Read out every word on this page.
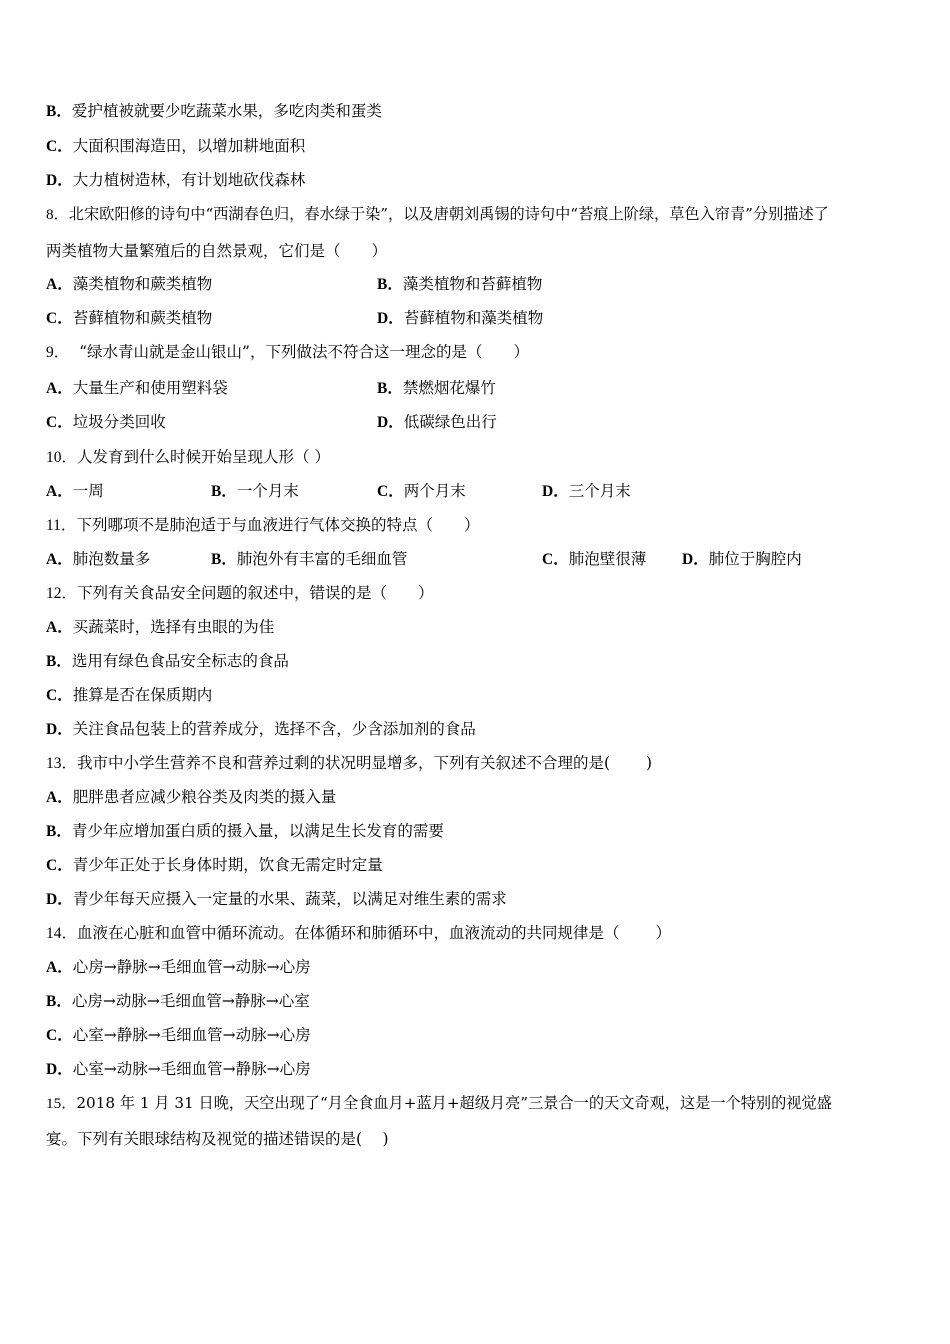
B．爱护植被就要少吃蔬菜水果，多吃肉类和蛋类
C．大面积围海造田，以增加耕地面积
D．大力植树造林，有计划地砍伐森林
8．北宋欧阳修的诗句中“西湖春色归，春水绿于染”，以及唐朝刘禹锡的诗句中“苔痕上阶绿，草色入帘青”分别描述了
两类植物大量繁殖后的自然景观，它们是（　　）
A．藻类植物和蕨类植物	B．藻类植物和苔藓植物
C．苔藓植物和蕨类植物	D．苔藓植物和藻类植物
9． “绿水青山就是金山银山”，下列做法不符合这一理念的是（　　）
A．大量生产和使用塑料袋	B．禁燃烟花爆竹
C．垃圾分类回收	D．低碳绿色出行
10．人发育到什么时候开始呈现人形（ ）
A．一周	B．一个月末	C．两个月末	D．三个月末
11．下列哪项不是肺泡适于与血液进行气体交换的特点（　　）
A．肺泡数量多	B．肺泡外有丰富的毛细血管	C．肺泡壁很薄 D．肺位于胸腔内
12．下列有关食品安全问题的叙述中，错误的是（　　）
A．买蔬菜时，选择有虫眼的为佳
B．选用有绿色食品安全标志的食品
C．推算是否在保质期内
D．关注食品包装上的营养成分，选择不含，少含添加剂的食品
13．我市中小学生营养不良和营养过剩的状况明显增多，下列有关叙述不合理的是(　　 )
A．肥胖患者应减少粮谷类及肉类的摄入量
B．青少年应增加蛋白质的摄入量，以满足生长发育的需要
C．青少年正处于长身体时期，饮食无需定时定量
D．青少年每天应摄入一定量的水果、蔬菜，以满足对维生素的需求
14．血液在心脏和血管中循环流动。在体循环和肺循环中，血液流动的共同规律是（　　 ）
A．心房→静脉→毛细血管→动脉→心房
B．心房→动脉→毛细血管→静脉→心室
C．心室→静脉→毛细血管→动脉→心房
D．心室→动脉→毛细血管→静脉→心房
15．2018 年 1 月 31 日晚，天空出现了“月全食血月+蓝月+超级月亮”三景合一的天文奇观，这是一个特别的视觉盛
宴。下列有关眼球结构及视觉的描述错误的是(　 )
